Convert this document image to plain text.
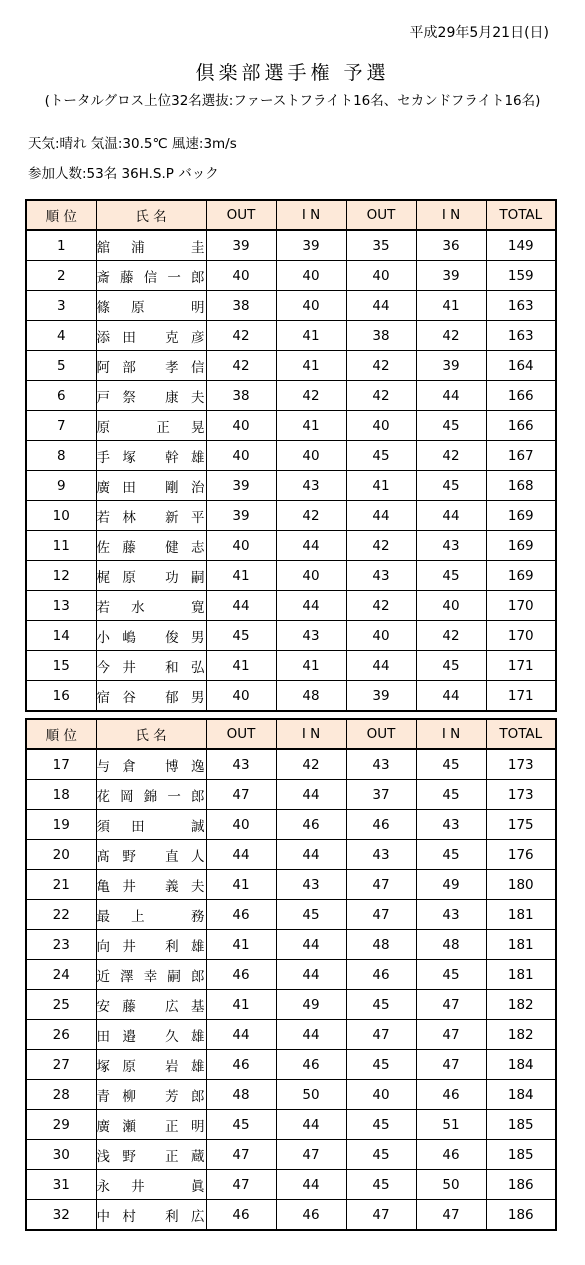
平成29年5月21日(日)
倶楽部選手権 予選
(トータルグロス上位32名選抜:ファーストフライト16名、セカンドフライト16名)
天気:晴れ 気温:30.5℃ 風速:3m/s
参加人数:53名 36H.S.P バック
順 位	氏 名	OUT	I N	OUT	I N	TOTAL
1	舘浦 圭	39	39	35	36	149
2	斎藤信一郎	40	40	40	39	159
3	篠原 明	38	40	44	41	163
4	添田 克彦	42	41	38	42	163
5	阿部 孝信	42	41	42	39	164
6	戸祭 康夫	38	42	42	44	166
7	原 正晃	40	41	40	45	166
8	手塚 幹雄	40	40	45	42	167
9	廣田 剛治	39	43	41	45	168
10	若林 新平	39	42	44	44	169
11	佐藤 健志	40	44	42	43	169
12	梶原 功嗣	41	40	43	45	169
13	若水 寛	44	44	42	40	170
14	小嶋 俊男	45	43	40	42	170
15	今井 和弘	41	41	44	45	171
16	宿谷 郁男	40	48	39	44	171
順 位	氏 名	OUT	I N	OUT	I N	TOTAL
17	与倉 博逸	43	42	43	45	173
18	花岡錦一郎	47	44	37	45	173
19	須田 誠	40	46	46	43	175
20	髙野 直人	44	44	43	45	176
21	亀井 義夫	41	43	47	49	180
22	最上 務	46	45	47	43	181
23	向井 利雄	41	44	48	48	181
24	近澤幸嗣郎	46	44	46	45	181
25	安藤 広基	41	49	45	47	182
26	田邉 久雄	44	44	47	47	182
27	塚原 岩雄	46	46	45	47	184
28	青柳 芳郎	48	50	40	46	184
29	廣瀬 正明	45	44	45	51	185
30	浅野 正蔵	47	47	45	46	185
31	永井 眞	47	44	45	50	186
32	中村 利広	46	46	47	47	186
